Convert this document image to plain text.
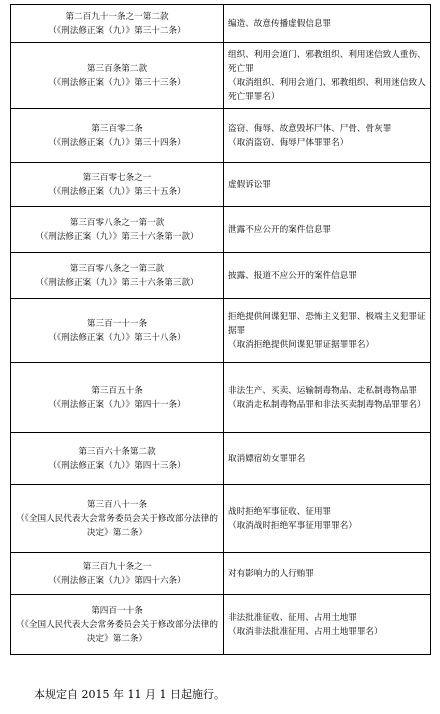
第二百九十一条之一第二款
（《刑法修正案（九）》第三十二条）	编造、故意传播虚假信息罪
第三百条第二款
（《刑法修正案（九）》第三十三条）	组织、利用会道门、邪教组织、利用迷信致人重伤、死亡罪
（取消组织、利用会道门、邪教组织、利用迷信致人死亡罪罪名）
第三百零二条
（《刑法修正案（九）》第三十四条）	盗窃、侮辱、故意毁坏尸体、尸骨、骨灰罪
（取消盗窃、侮辱尸体罪罪名）
第三百零七条之一
（《刑法修正案（九）》第三十五条）	虚假诉讼罪
第三百零八条之一第一款
（《刑法修正案（九）》第三十六条第一款）	泄露不应公开的案件信息罪
第三百零八条之一第三款
（《刑法修正案（九）》第三十六条第三款）	披露、报道不应公开的案件信息罪
第三百一十一条
（《刑法修正案（九）》第三十八条）	拒绝提供间谍犯罪、恐怖主义犯罪、极端主义犯罪证据罪
（取消拒绝提供间谍犯罪证据罪罪名）
第三百五十条
（《刑法修正案（九）》第四十一条）	非法生产、买卖、运输制毒物品、走私制毒物品罪
（取消走私制毒物品罪和非法买卖制毒物品罪罪名）
第三百六十条第二款
（《刑法修正案（九）》第四十三条）	取消嫖宿幼女罪罪名
第三百八十一条
（《全国人民代表大会常务委员会关于修改部分法律的决定》第二条）	战时拒绝军事征收、征用罪
（取消战时拒绝军事征用罪罪名）
第三百九十条之一
（《刑法修正案（九）》第四十六条）	对有影响力的人行贿罪
第四百一十条
（《全国人民代表大会常务委员会关于修改部分法律的决定》第二条）	非法批准征收、征用、占用土地罪
（取消非法批准征用、占用土地罪罪名）
本规定自 2015 年 11 月 1 日起施行。
